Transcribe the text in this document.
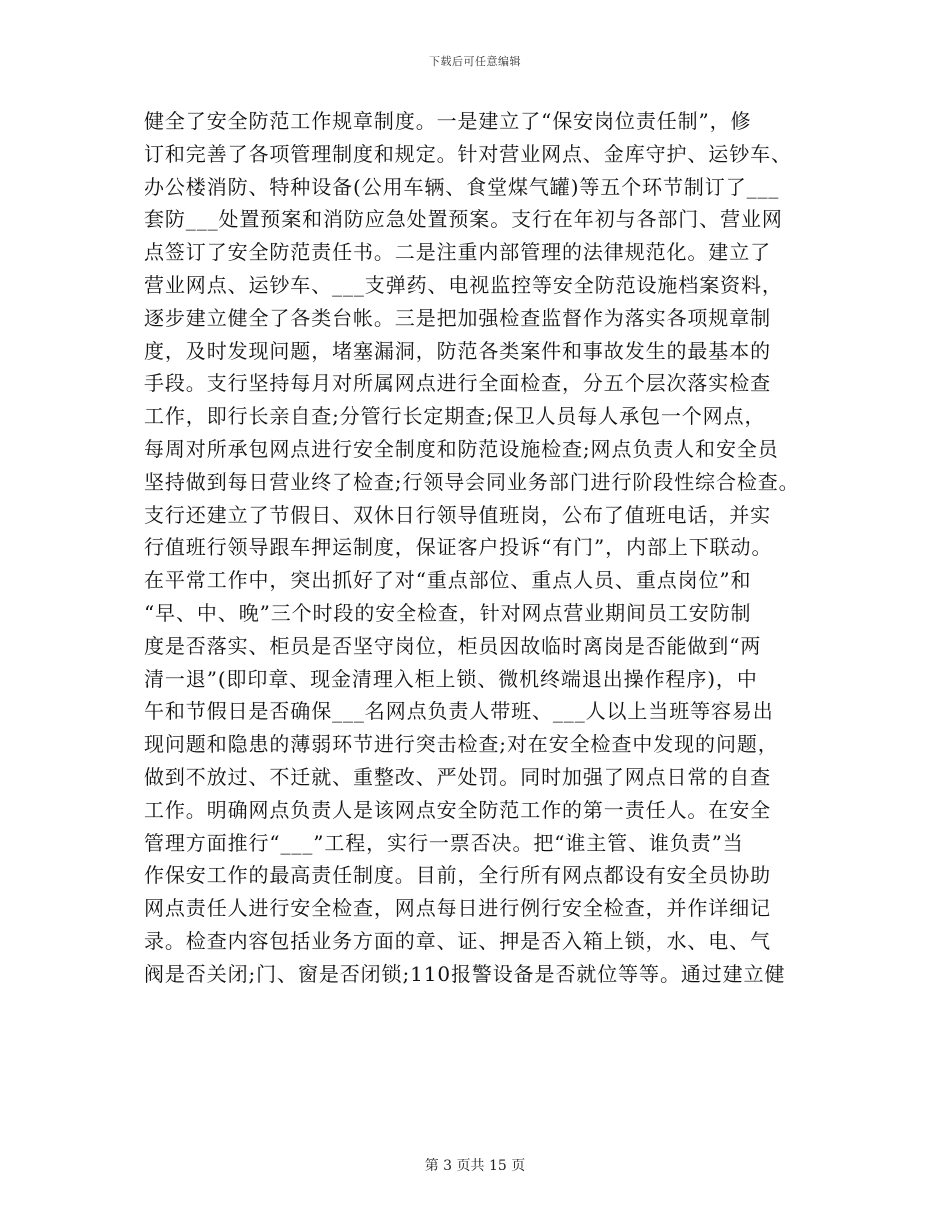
下载后可任意编辑
健全了安全防范工作规章制度。一是建立了“保安岗位责任制”，修
订和完善了各项管理制度和规定。针对营业网点、金库守护、运钞车、
办公楼消防、特种设备(公用车辆、食堂煤气罐)等五个环节制订了___
套防___处置预案和消防应急处置预案。支行在年初与各部门、营业网
点签订了安全防范责任书。二是注重内部管理的法律规范化。建立了
营业网点、运钞车、___支弹药、电视监控等安全防范设施档案资料，
逐步建立健全了各类台帐。三是把加强检查监督作为落实各项规章制
度，及时发现问题，堵塞漏洞，防范各类案件和事故发生的最基本的
手段。支行坚持每月对所属网点进行全面检查，分五个层次落实检查
工作，即行长亲自查;分管行长定期查;保卫人员每人承包一个网点，
每周对所承包网点进行安全制度和防范设施检查;网点负责人和安全员
坚持做到每日营业终了检查;行领导会同业务部门进行阶段性综合检查。
支行还建立了节假日、双休日行领导值班岗，公布了值班电话，并实
行值班行领导跟车押运制度，保证客户投诉“有门”，内部上下联动。
在平常工作中，突出抓好了对“重点部位、重点人员、重点岗位”和
“早、中、晚”三个时段的安全检查，针对网点营业期间员工安防制
度是否落实、柜员是否坚守岗位，柜员因故临时离岗是否能做到“两
清一退”(即印章、现金清理入柜上锁、微机终端退出操作程序)，中
午和节假日是否确保___名网点负责人带班、___人以上当班等容易出
现问题和隐患的薄弱环节进行突击检查;对在安全检查中发现的问题，
做到不放过、不迁就、重整改、严处罚。同时加强了网点日常的自查
工作。明确网点负责人是该网点安全防范工作的第一责任人。在安全
管理方面推行“___”工程，实行一票否决。把“谁主管、谁负责”当
作保安工作的最高责任制度。目前，全行所有网点都设有安全员协助
网点责任人进行安全检查，网点每日进行例行安全检查，并作详细记
录。检查内容包括业务方面的章、证、押是否入箱上锁，水、电、气
阀是否关闭;门、窗是否闭锁;110报警设备是否就位等等。通过建立健
第 3 页共 15 页
